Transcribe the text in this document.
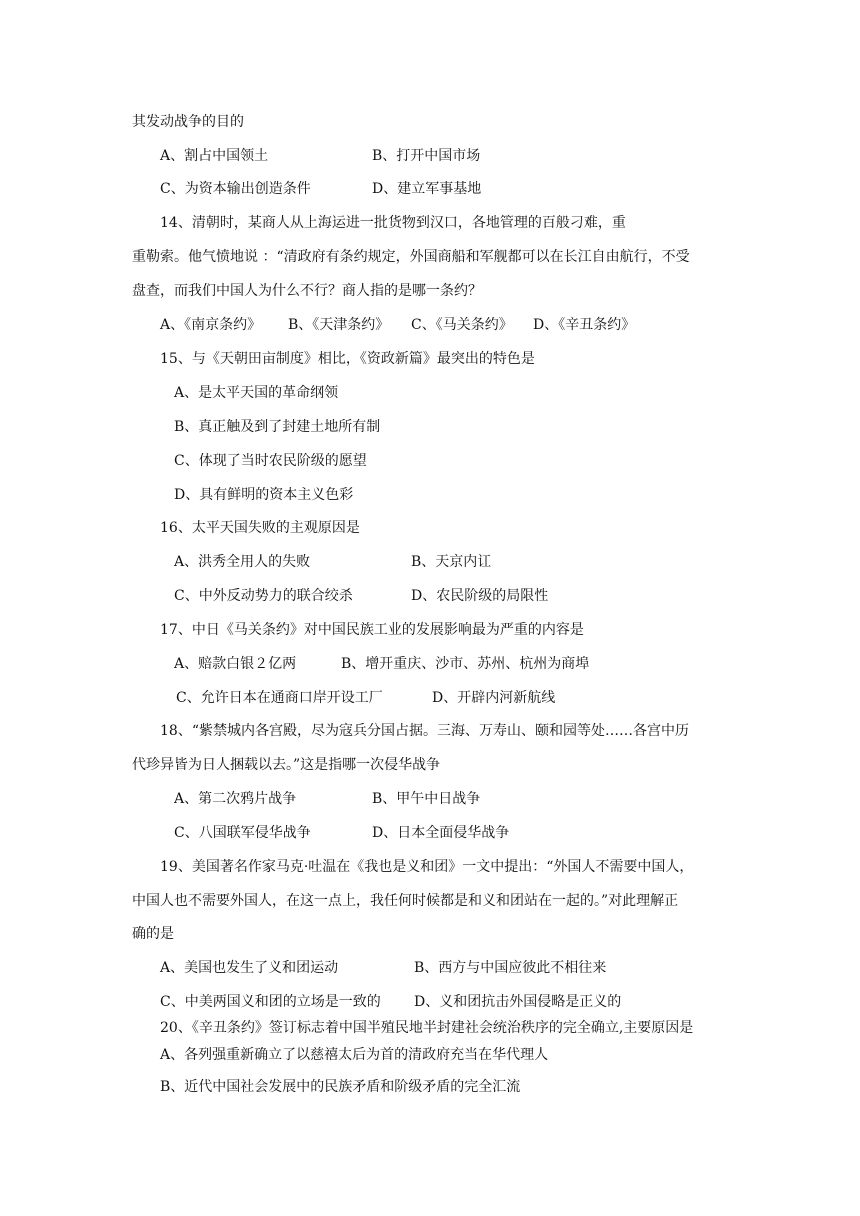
其发动战争的目的
A、割占中国领土	B、打开中国市场
C、为资本输出创造条件	D、建立军事基地
14、清朝时，某商人从上海运进一批货物到汉口，各地管理的百般刁难，重
重勒索。他气愤地说 ：“清政府有条约规定，外国商船和军舰都可以在长江自由航行，不受
盘查，而我们中国人为什么不行？商人指的是哪一条约？
A、《南京条约》 B、《天津条约》 C、《马关条约》 D、《辛丑条约》
15、与《天朝田亩制度》相比，《资政新篇》最突出的特色是
A、是太平天国的革命纲领
B、真正触及到了封建土地所有制
C、体现了当时农民阶级的愿望
D、具有鲜明的资本主义色彩
16、太平天国失败的主观原因是
A、洪秀全用人的失败	B、天京内讧
C、中外反动势力的联合绞杀	D、农民阶级的局限性
17、中日《马关条约》对中国民族工业的发展影响最为严重的内容是
A、赔款白银２亿两	B、增开重庆、沙市、苏州、杭州为商埠
C、允许日本在通商口岸开设工厂	D、开辟内河新航线
18、“紫禁城内各宫殿，尽为寇兵分国占据。三海、万寿山、颐和园等处……各宫中历
代珍异皆为日人捆载以去。”这是指哪一次侵华战争
A、第二次鸦片战争	B、甲午中日战争
C、八国联军侵华战争	D、日本全面侵华战争
19、美国著名作家马克·吐温在《我也是义和团》一文中提出：“外国人不需要中国人，
中国人也不需要外国人，在这一点上，我任何时候都是和义和团站在一起的。”对此理解正
确的是
A、美国也发生了义和团运动	B、西方与中国应彼此不相往来
C、中美两国义和团的立场是一致的 D、义和团抗击外国侵略是正义的
20、《辛丑条约》签订标志着中国半殖民地半封建社会统治秩序的完全确立,主要原因是
A、各列强重新确立了以慈禧太后为首的清政府充当在华代理人
B、近代中国社会发展中的民族矛盾和阶级矛盾的完全汇流
